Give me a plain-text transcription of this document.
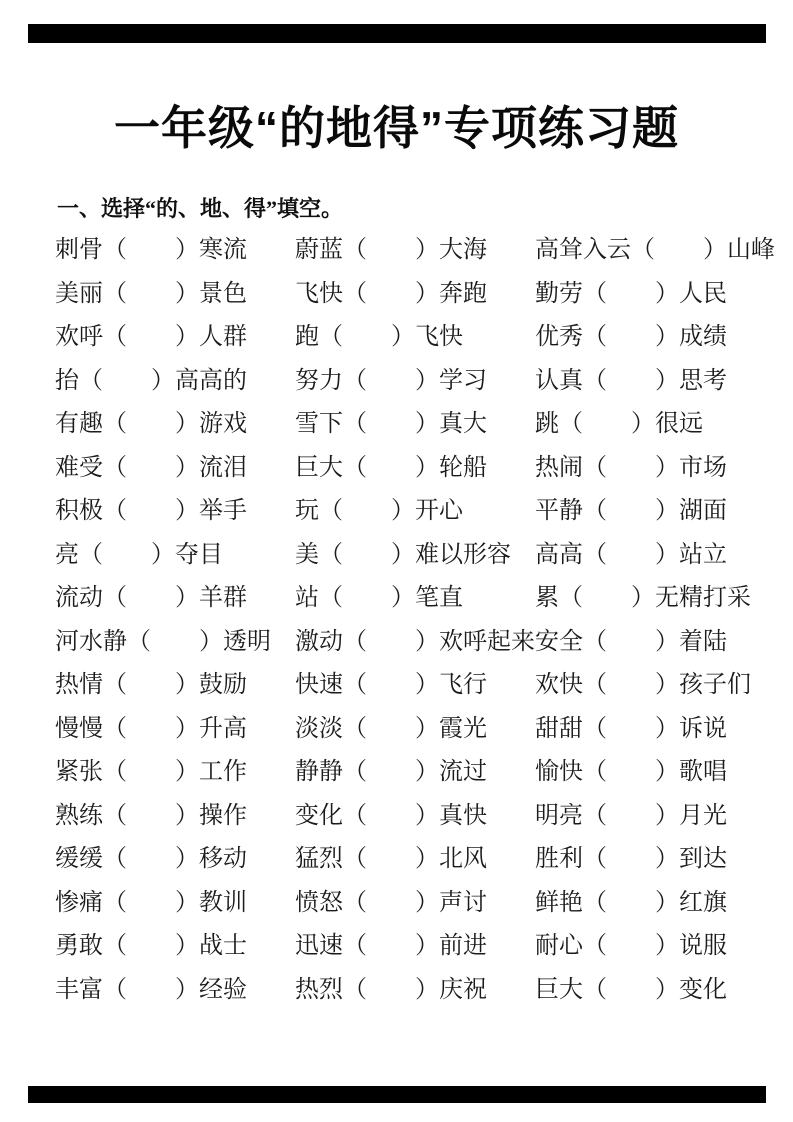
一年级“的地得”专项练习题
一、选择“的、地、得”填空。
刺骨（　　）寒流	蔚蓝（　　）大海	高耸入云（　　）山峰
美丽（　　）景色	飞快（　　）奔跑	勤劳（　　）人民
欢呼（　　）人群	跑（　　）飞快	优秀（　　）成绩
抬（　　）高高的	努力（　　）学习	认真（　　）思考
有趣（　　）游戏	雪下（　　）真大	跳（　　）很远
难受（　　）流泪	巨大（　　）轮船	热闹（　　）市场
积极（　　）举手	玩（　　）开心	平静（　　）湖面
亮（　　）夺目	美（　　）难以形容	高高（　　）站立
流动（　　）羊群	站（　　）笔直	累（　　）无精打采
河水静（　　）透明	激动（　　）欢呼起来 安全（　　）着陆
热情（　　）鼓励	快速（　　）飞行	欢快（　　）孩子们
慢慢（　　）升高	淡淡（　　）霞光	甜甜（　　）诉说
紧张（　　）工作	静静（　　）流过	愉快（　　）歌唱
熟练（　　）操作	变化（　　）真快	明亮（　　）月光
缓缓（　　）移动	猛烈（　　）北风	胜利（　　）到达
惨痛（　　）教训	愤怒（　　）声讨	鲜艳（　　）红旗
勇敢（　　）战士	迅速（　　）前进	耐心（　　）说服
丰富（　　）经验	热烈（　　）庆祝	巨大（　　）变化
